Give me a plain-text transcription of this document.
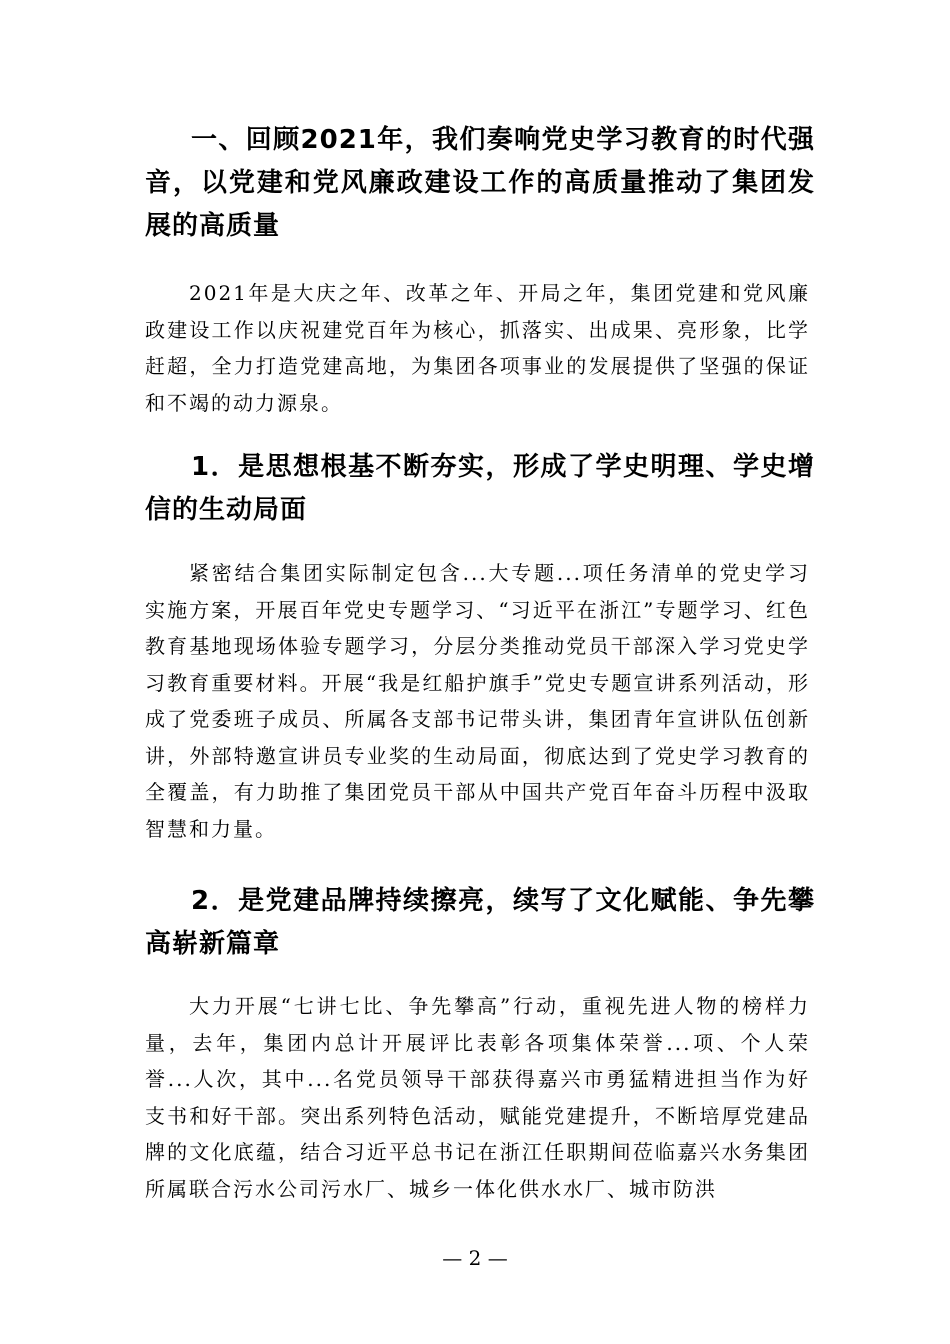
一、回顾2021年，我们奏响党史学习教育的时代强音，以党建和党风廉政建设工作的高质量推动了集团发展的高质量

2021年是大庆之年、改革之年、开局之年，集团党建和党风廉政建设工作以庆祝建党百年为核心，抓落实、出成果、亮形象，比学赶超，全力打造党建高地，为集团各项事业的发展提供了坚强的保证和不竭的动力源泉。

1．是思想根基不断夯实，形成了学史明理、学史增信的生动局面

紧密结合集团实际制定包含...大专题...项任务清单的党史学习实施方案，开展百年党史专题学习、“习近平在浙江”专题学习、红色教育基地现场体验专题学习，分层分类推动党员干部深入学习党史学习教育重要材料。开展“我是红船护旗手”党史专题宣讲系列活动，形成了党委班子成员、所属各支部书记带头讲，集团青年宣讲队伍创新讲，外部特邀宣讲员专业奖的生动局面，彻底达到了党史学习教育的全覆盖，有力助推了集团党员干部从中国共产党百年奋斗历程中汲取智慧和力量。

2．是党建品牌持续擦亮，续写了文化赋能、争先攀高崭新篇章

大力开展“七讲七比、争先攀高”行动，重视先进人物的榜样力量，去年，集团内总计开展评比表彰各项集体荣誉...项、个人荣誉...人次，其中...名党员领导干部获得嘉兴市勇猛精进担当作为好支书和好干部。突出系列特色活动，赋能党建提升，不断培厚党建品牌的文化底蕴，结合习近平总书记在浙江任职期间莅临嘉兴水务集团所属联合污水公司污水厂、城乡一体化供水水厂、城市防洪

— 2 —
